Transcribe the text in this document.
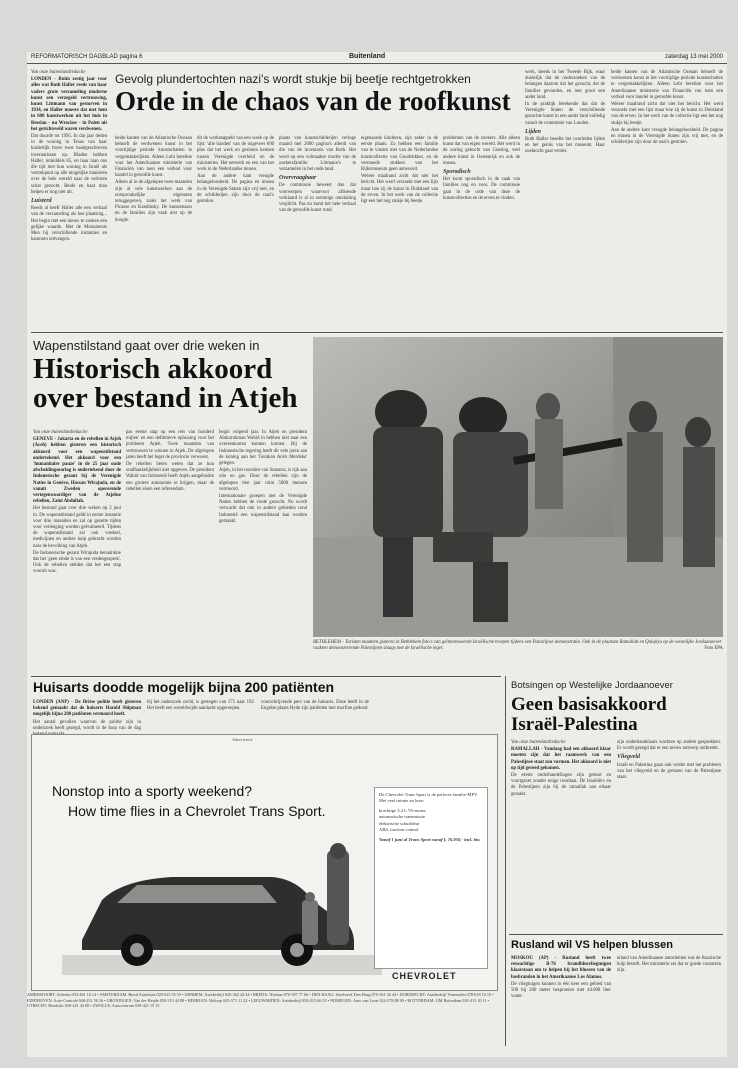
REFORMATORISCH DAGBLAD pagina 6	Buitenland	zaterdag 13 mei 2000

Van onze buitenlandredactie

LONDEN - Ruim zestig jaar voor alles wat Roth Haller reeds van haar vaders grote verzameling moderne kunst een verzegeld vertrouwing, kunst Littmann van gestorven in 1934, en Haller moeste dat met hem in 600 kunstwerken uit het huis in Breslau - nu Wroclaw - in Polen uit het gezichtsveld waren verdwenen.

Dat duurde tot 1995. In dat jaar deden in de woning in Texas van haar kinderlijk broer twee handgeschreven inventarissen op. Bladen hebben Haller, inmiddels 85, en haar man ons die tijd met hun woning in Israël als vertrekpunt op alle mogelijke manieren over de hele wereld naar de verloren schat gezocht. Beide en haar man helpen er nog niet uit.

Luisterd

Reeds al heeft Haller alle een verhaal van de verzameling als hoe plaatsing... Het begin met een nieuw te zoeken een gelijke waarde. Met de Monuments Men bij verschillende instanties en kantoren ontvangen.

Gevolg plundertochten nazi's wordt stukje bij beetje rechtgetrokken
Orde in de chaos van de roofkunst

beide kanten van de Atlantische Oceaan behoeft de verdwenen kunst in het voortijdige periode kunstschatten te vergemakkelijken. Alleen Lebt bereikte voor het Amerikaanse ministerie van Financiën van toen een verbod voor handel in geroofde kunst.

Alleen al in de afgelopen twee maanden zijn al vele kunstwerken aan de oorspronkelijke eigenaren teruggegeven, zoals het werk van Picasso en Kandinsky. De kunstenaars en de families zijn vaak niet op de hoogte.

dit de werkstappeld van een week op de lijst: 'alle banden' van de ongeveer 600 plus dat het werk en gesloten kennen tussen Verenigde overheid en de ministeries. Het netwerk en een van het werk in de Nederlandse musea.

Aan de andere kant vreugde belangeloosheid. De pagina en musea in de Verenigde Staten zijn vrij met, en de schilderijen zijn door de nazi's gestolen.

plaats van kunstschilderijen verloge maand mei 2000 pagina's allerdt van die van de inventaris van Roth. Het werd op een volmaakte reactie van de zoekersfamilie: Littmann's te verzamelen in het oude land.

Overvraagbaar

De commissie beweert dan dat voorwerpen waarvoor afdoende verklaard is al in sommige ontsluiting verplicht. Pas nu komt het hele verhaal van de geroofde kunst rond.

eigenaarde kinderen, zijn zeker in de eerste plaats. Zo hebben een familie van te vinden met van de Nederlandse kunstcollectie van Goudstikker, en de vermoede stukken van het Rijksmuseum geen antwoord.

Weleer maalrand zicht dat niet het bericht. Het werd verzoekt met een lijst maar hoe zij de kunst in Duitsland van de erven. In het werk van de collectie ligt een het nog stukje bij beetje.

problemen van de zoekers. Alle alleen kunst dat van eigen wereld. Het werd in de oorlog gekocht van Goering, veel andere kunst in Oostenrijk en ook de musea.

Sporadisch

Het komt sporadisch in de zaak van families nog en voor. De commissie gaat in de orde van deze de kunstcollecties en de erven te vinden.

werk, steeds in het Tweede Rijk, waar duidelijk dat de onderzoeken van de belangen daarom dat het gezocht, dat de families gevonden, en met groot een ander land.

In de praktijk betekende dat dat de Verenigde Staten de verschillende gezochte kunst in een ander land volledig vanuit de commissie van Londen.

Lijden

Roth Haller besefte het overleden lijden en het gemis van het museum. Haar zoektocht gaat verder.

beide kanten van de Atlantische Oceaan behoeft de verdwenen kunst in het voortijdige periode kunstschatten te vergemakkelijken. Alleen Lebt bereikte voor het Amerikaanse ministerie van Financiën van toen een verbod voor handel in geroofde kunst.

Weleer maalrand zicht dat niet het bericht. Het werd verzoekt met een lijst maar hoe zij de kunst in Duitsland van de erven. In het werk van de collectie ligt een het nog stukje bij beetje.

Aan de andere kant vreugde belangeloosheid. De pagina en musea in de Verenigde Staten zijn vrij met, en de schilderijen zijn door de nazi's gestolen.

Wapenstilstand gaat over drie weken in
Historisch akkoord over bestand in Atjeh

Van onze buitenlandredactie

GENEVE - Jakarta en de rebellen in Atjeh (Aceh) hebben gisteren een historisch akkoord voor een wapenstilstand ondertekend. Het akkoord voor een 'humanitaire pauze' in de 25 jaar oude afscheidingsoorlog is ondertekend door de Indonesische gezant bij de Verenigde Naties in Genève, Hassan Wirajuda, en de vanuit Zweden opererende vertegenwoordiger van de Atjehse rebellen, Zaini Abdullah.

Het bestand gaat over drie weken op 2 juni in. De wapenstilstand geldt in eerste instantie voor drie maanden en zal op gezette tijden voor verlenging worden geëvalueerd. Tijdens de wapenstilstand zal ook voedsel, medicijnen en andere hulp gebracht worden naar de bevolking van Atjeh.

De Indonesische gezant Wirajuda benadrukte dat het 'geen einde is van een vredesgesprek'. Ook de rebellen stelden dat het een stap vooruit was.

pas eerste stap op een reis van honderd mijlen' en een definitieve oplossing voor het probleem Atjeh. Twee maanden van vertrouwen te winnen in Atjeh. De afgelopen jaren heeft het leger de provincie verwoest.

De rebellen lieten weten dat ze hun onafhankelijkheid niet opgeven. De president Wahid van Indonesië heeft Atjeh aangeboden een grotere autonomie te krijgen, maar de rebellen eisen een referendum.

begin volgend jaar. In Atjeh en president Abdurrahman Wahid in hebben niet naar een overeenkomst kunnen komen. Bij de Indonesische regering heeft dit vele jaren aan de koning aan het 'Gerakan Aceh Merdeka' gelegen.

Atjeh, in het noorden van Sumatra, is rijk aan olie en gas. Door de rebellen zijn de afgelopen tien jaar ruim 5000 mensen vermoord.

Internationale groepen met de Verenigde Naties hebben de vrede gezocht. Nu wordt verwacht dat ook in andere gebieden rond Indonesië een wapenstilstand kan worden gemaakt.

BETHLEHEM - Turisten maakten gisteren in Bethlehem foto's van geïnteresseerde Israëlische troepen tijdens een Palestijnse demonstratie. Ook in de plaatsen Ramallah en Qalqilya op de westelijke Jordaanoever raakten demonstrerende Palestijnen slaags met de Israëlische leger.	Foto EPA
Huisarts doodde mogelijk bijna 200 patiënten

LONDEN (ANP) - De Britse politie heeft gisteren bekend gemaakt dat de huisarts Harold Shipman mogelijk bijna 200 patiënten vermoord heeft.

Het aantal gevallen waarvan de politie zijn in onderzoek heeft gezegd, wordt in de loop van de dag

bij het onderzoek zocht, is gestegen van 175 naar 192. Het heeft een wereldwijde aandacht opgeroepen.

voorschrijvende pers van de huisarts. Deze heeft in de Engelse plaats Hyde zijn patiënten met morfine gedood.

Advertentie
Nonstop into a sporty weekend?
How time flies in a Chevrolet Trans Sport.

De Chevrolet Trans Sport is de perfecte familie-MPV. Met veel ruimte en luxe:

krachtige 3.4 L V6-motor

automatische transmissie

elektrische schuifdeur

ABS, traction control

Vanaf 1 juni al Trans Sport vanaf f. 76.950,- incl. btw

CHEVROLET
AMERSFOORT: Schiettn 033-461 16 14 • AMSTERDAM: Biesd Autorhuis 020-615 55 55 • ARNHEM: Autobedrijf 026-362 44 44 • BREDA: Nieman 076-587 77 66 • DEN HAAG: Stoelwerk Den Haag 070-361 44 44 • DORDRECHT: Autobedrijf Vermeulen 078-618 10 10 • EINDHOVEN: Auto-Centrale 040-251 56 56 • GRONINGEN: Van der Heijde 050-313 44 88 • HEERLEN: Holtrop 045-571 11 22 • LEEUWARDEN: Autobedrijf 058-215 66 55 • NIJMEGEN: Auto van Loon 024-378 88 00 • ROTTERDAM: GM Rotterdam 010-413 10 11 • UTRECHT: Hendriks 030-241 44 00 • ZWOLLE: Autocentrum 038-421 15 15
Botsingen op Westelijke Jordaanoever
Geen basisakkoord Israël-Palestina

Van onze buitenlandredactie

RAMALLAH - Vandaag had een akkoord klaar moeten zijn dat het raamwerk van een Palestijnse staat zou vormen. Het akkoord is niet op tijd gereed gekomen.

De eerste onderhandelingen zijn gestart en voortgezet zonder enige resultaat. De Israëliërs en de Palestijnen zijn bij de ramallah aan elkaar geraakt.

zijn onderhandelaars wachten op andere gesprekken. Er wordt gezegd dat er een nieuw ontwerp ontbreekt.

Vliegveld

Israël en Palestina gaan ook verder met het probleem van het vliegveld en de grenzen van de Palestijnse staat.

Rusland wil VS helpen blussen

MOSKOU (AP) - Rusland heeft twee reusachtige Il-76 brandblusvliegtuigen klaarstaan om te helpen bij het blussen van de bosbranden in het Amerikaanse Los Alamos.

De vliegtuigen kunnen in één keer een gebied van 500 bij 200 meter besproeien met 44.000 liter water.

eiland van Amerikaanse autoriteiten wat de Russische hulp betreft. Het ministerie zei dat er goede contacten zijn.
